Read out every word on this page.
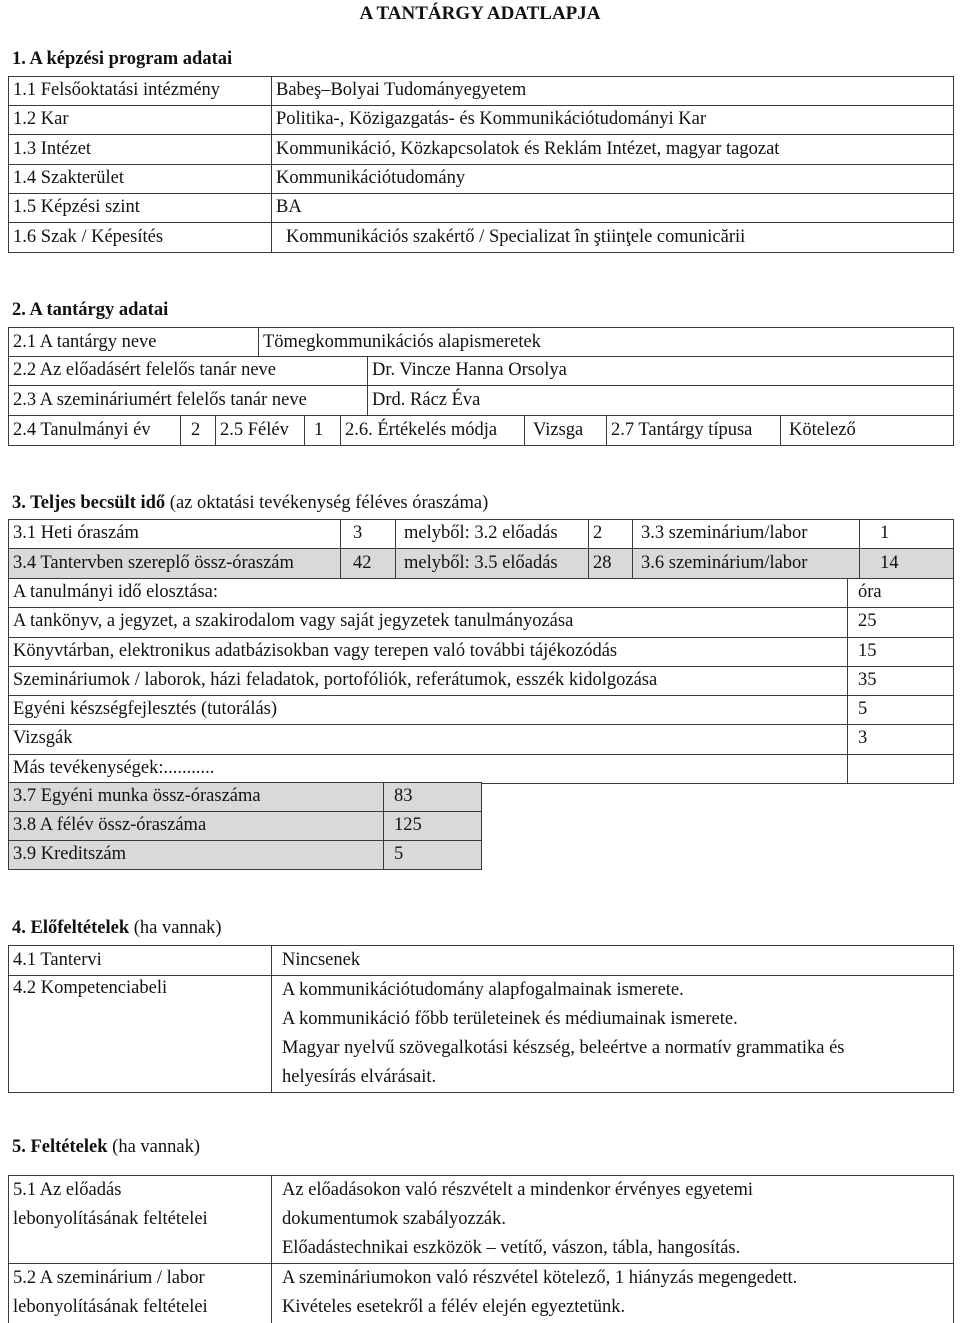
A TANTÁRGY ADATLAPJA
1. A képzési program adatai
1.1 Felsőoktatási intézmény	Babeş–Bolyai Tudományegyetem
1.2 Kar	Politika-, Közigazgatás- és Kommunikációtudományi Kar
1.3 Intézet	Kommunikáció, Közkapcsolatok és Reklám Intézet, magyar tagozat
1.4 Szakterület	Kommunikációtudomány
1.5 Képzési szint	BA
1.6 Szak / Képesítés	Kommunikációs szakértő / Specializat în ştiinţele comunicării
2. A tantárgy adatai
2.1 A tantárgy neve	Tömegkommunikációs alapismeretek
2.2 Az előadásért felelős tanár neve	Dr. Vincze Hanna Orsolya
2.3 A szemináriumért felelős tanár neve	Drd. Rácz Éva
2.4 Tanulmányi év	2	2.5 Félév	1	2.6. Értékelés módja	Vizsga	2.7 Tantárgy típusa	Kötelező
3. Teljes becsült idő (az oktatási tevékenység féléves óraszáma)
3.1 Heti óraszám	3	melyből: 3.2 előadás	2	3.3 szeminárium/labor	1
3.4 Tantervben szereplő össz-óraszám	42	melyből: 3.5 előadás	28	3.6 szeminárium/labor	14
A tanulmányi idő elosztása:	óra
A tankönyv, a jegyzet, a szakirodalom vagy saját jegyzetek tanulmányozása	25
Könyvtárban, elektronikus adatbázisokban vagy terepen való további tájékozódás	15
Szemináriumok / laborok, házi feladatok, portofóliók, referátumok, esszék kidolgozása	35
Egyéni készségfejlesztés (tutorálás)	5
Vizsgák	3
Más tevékenységek:...........	
3.7 Egyéni munka össz-óraszáma	83
3.8 A félév össz-óraszáma	125
3.9 Kreditszám	5
4. Előfeltételek (ha vannak)
4.1 Tantervi	Nincsenek
4.2 Kompetenciabeli	A kommunikációtudomány alapfogalmainak ismerete.
A kommunikáció főbb területeinek és médiumainak ismerete.
Magyar nyelvű szövegalkotási készség, beleértve a normatív grammatika és
helyesírás elvárásait.
5. Feltételek (ha vannak)
5.1 Az előadás
lebonyolításának feltételei	Az előadásokon való részvételt a mindenkor érvényes egyetemi
dokumentumok szabályozzák.
Előadástechnikai eszközök – vetítő, vászon, tábla, hangosítás.

5.2 A szeminárium / labor
lebonyolításának feltételei	A szemináriumokon való részvétel kötelező, 1 hiányzás megengedett.
Kivételes esetekről a félév elején egyeztetünk.
